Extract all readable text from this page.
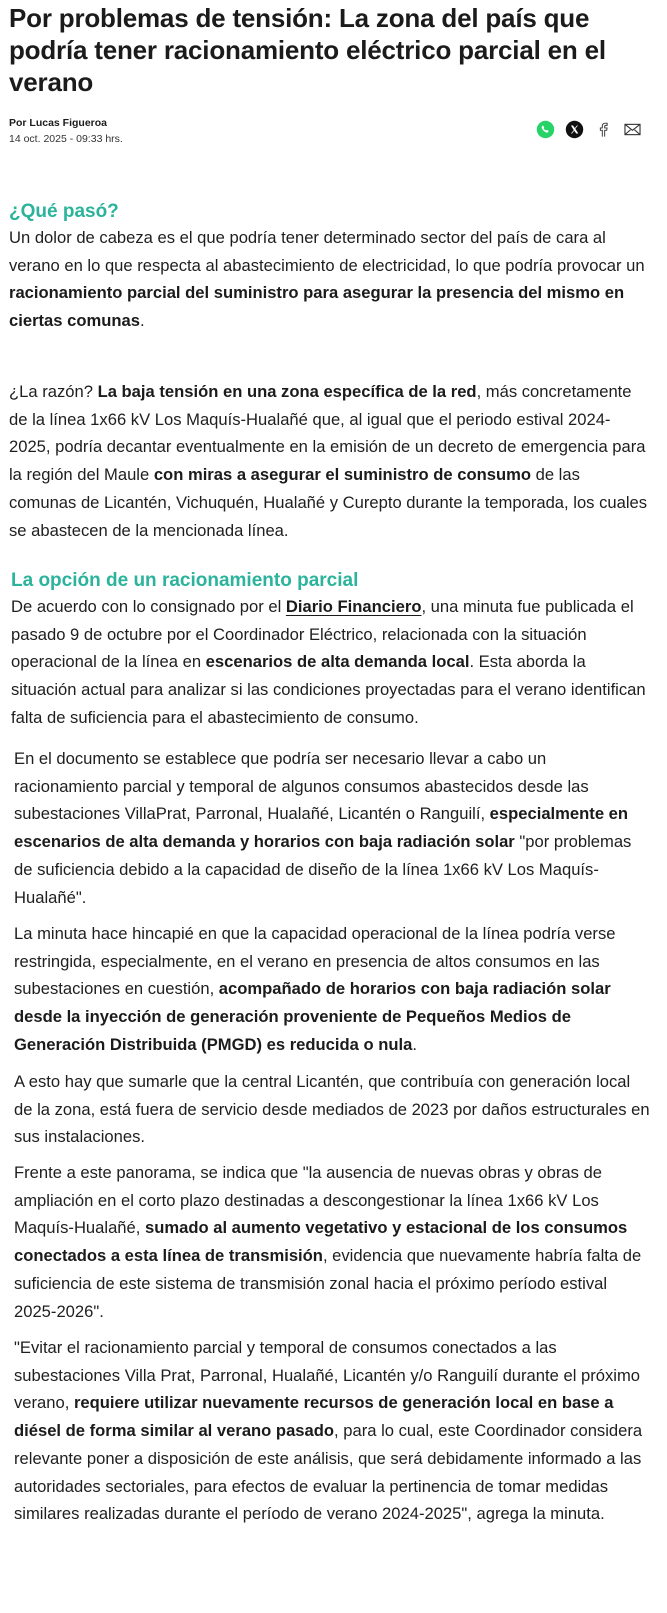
Por problemas de tensión: La zona del país que podría tener racionamiento eléctrico parcial en el verano
Por Lucas Figueroa
14 oct. 2025 - 09:33 hrs.
¿Qué pasó?

Un dolor de cabeza es el que podría tener determinado sector del país de cara al verano en lo que respecta al abastecimiento de electricidad, lo que podría provocar un racionamiento parcial del suministro para asegurar la presencia del mismo en ciertas comunas.

¿La razón? La baja tensión en una zona específica de la red, más concretamente de la línea 1x66 kV Los Maquís-Hualañé que, al igual que el periodo estival 2024-2025, podría decantar eventualmente en la emisión de un decreto de emergencia para la región del Maule con miras a asegurar el suministro de consumo de las comunas de Licantén, Vichuquén, Hualañé y Curepto durante la temporada, los cuales se abastecen de la mencionada línea.

La opción de un racionamiento parcial

De acuerdo con lo consignado por el Diario Financiero, una minuta fue publicada el pasado 9 de octubre por el Coordinador Eléctrico, relacionada con la situación operacional de la línea en escenarios de alta demanda local. Esta aborda la situación actual para analizar si las condiciones proyectadas para el verano identifican falta de suficiencia para el abastecimiento de consumo.

En el documento se establece que podría ser necesario llevar a cabo un racionamiento parcial y temporal de algunos consumos abastecidos desde las subestaciones VillaPrat, Parronal, Hualañé, Licantén o Ranguilí, especialmente en escenarios de alta demanda y horarios con baja radiación solar "por problemas de suficiencia debido a la capacidad de diseño de la línea 1x66 kV Los Maquís-Hualañé".

La minuta hace hincapié en que la capacidad operacional de la línea podría verse restringida, especialmente, en el verano en presencia de altos consumos en las subestaciones en cuestión, acompañado de horarios con baja radiación solar desde la inyección de generación proveniente de Pequeños Medios de Generación Distribuida (PMGD) es reducida o nula.

A esto hay que sumarle que la central Licantén, que contribuía con generación local de la zona, está fuera de servicio desde mediados de 2023 por daños estructurales en sus instalaciones.

Frente a este panorama, se indica que "la ausencia de nuevas obras y obras de ampliación en el corto plazo destinadas a descongestionar la línea 1x66 kV Los Maquís-Hualañé, sumado al aumento vegetativo y estacional de los consumos conectados a esta línea de transmisión, evidencia que nuevamente habría falta de suficiencia de este sistema de transmisión zonal hacia el próximo período estival 2025-2026".

"Evitar el racionamiento parcial y temporal de consumos conectados a las subestaciones Villa Prat, Parronal, Hualañé, Licantén y/o Ranguilí durante el próximo verano, requiere utilizar nuevamente recursos de generación local en base a diésel de forma similar al verano pasado, para lo cual, este Coordinador considera relevante poner a disposición de este análisis, que será debidamente informado a las autoridades sectoriales, para efectos de evaluar la pertinencia de tomar medidas similares realizadas durante el período de verano 2024-2025", agrega la minuta.
